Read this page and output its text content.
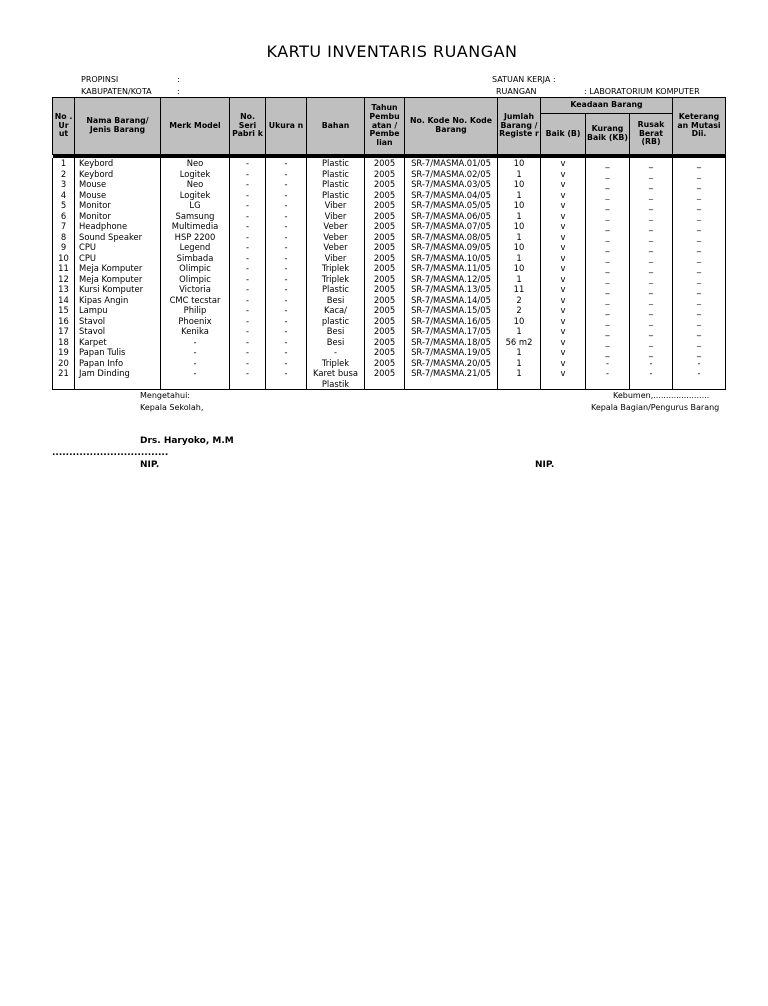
KARTU INVENTARIS RUANGAN
PROPINSI	:
KABUPATEN/KOTA	:
SATUAN KERJA :
RUANGAN	: LABORATORIUM KOMPUTER
No . Ur ut	Nama Barang/ Jenis Barang	Merk Model	No. Seri Pabri k	Ukura n	Bahan	Tahun Pembu atan / Pembe lian	No. Kode No. Kode Barang	Jumlah Barang / Registe r	Keadaan Barang			Keterang an Mutasi Dii.
									Baik (B)	Kurang Baik (KB)	Rusak Berat (RB)	

1	Keybord	Neo	-	-	Plastic	2005	SR-7/MASMA.01/05	10	v	_	_	_
2	Keybord	Logitek	-	-	Plastic	2005	SR-7/MASMA.02/05	1	v	_	_	_
3	Mouse	Neo	-	-	Plastic	2005	SR-7/MASMA.03/05	10	v	_	_	_
4	Mouse	Logitek	-	-	Plastic	2005	SR-7/MASMA.04/05	1	v	_	_	_
5	Monitor	LG	-	-	Viber	2005	SR-7/MASMA.05/05	10	v	_	_	_
6	Monitor	Samsung	-	-	Viber	2005	SR-7/MASMA.06/05	1	v	_	_	_
7	Headphone	Multimedia	-	-	Veber	2005	SR-7/MASMA.07/05	10	v	_	_	_
8	Sound Speaker	HSP 2200	-	-	Veber	2005	SR-7/MASMA.08/05	1	v	_	_	_
9	CPU	Legend	-	-	Veber	2005	SR-7/MASMA.09/05	10	v	_	_	_
10	CPU	Simbada	-	-	Viber	2005	SR-7/MASMA.10/05	1	v	_	_	_
11	Meja Komputer	Olimpic	-	-	Triplek	2005	SR-7/MASMA.11/05	10	v	_	_	_
12	Meja Komputer	Olimpic	-	-	Triplek	2005	SR-7/MASMA.12/05	1	v	_	_	_
13	Kursi Komputer	Victoria	-	-	Plastic	2005	SR-7/MASMA.13/05	11	v	_	_	_
14	Kipas Angin	CMC tecstar	-	-	Besi	2005	SR-7/MASMA.14/05	2	v	_	_	_
15	Lampu	Philip	-	-	Kaca/	2005	SR-7/MASMA.15/05	2	v	_	_	_
16	Stavol	Phoenix	-	-	plastic	2005	SR-7/MASMA.16/05	10	v	_	_	_
17	Stavol	Kenika	-	-	Besi	2005	SR-7/MASMA.17/05	1	v	_	_	_
18	Karpet	-	-	-	Besi	2005	SR-7/MASMA.18/05	56 m2	v	_	_	_
19	Papan Tulis	-	-	-	-	2005	SR-7/MASMA.19/05	1	v	_	_	_
20	Papan Info	-	-	-	Triplek	2005	SR-7/MASMA.20/05	1	v	-	-	-
21	Jam Dinding	-	-	-	Karet busa Plastik	2005	SR-7/MASMA.21/05	1	v	-	-	-
Mengetahui:
Kepala Sekolah,
Kebumen,......................
Kepala Bagian/Pengurus Barang
Drs. Haryoko, M.M
..................................
NIP.	NIP.
